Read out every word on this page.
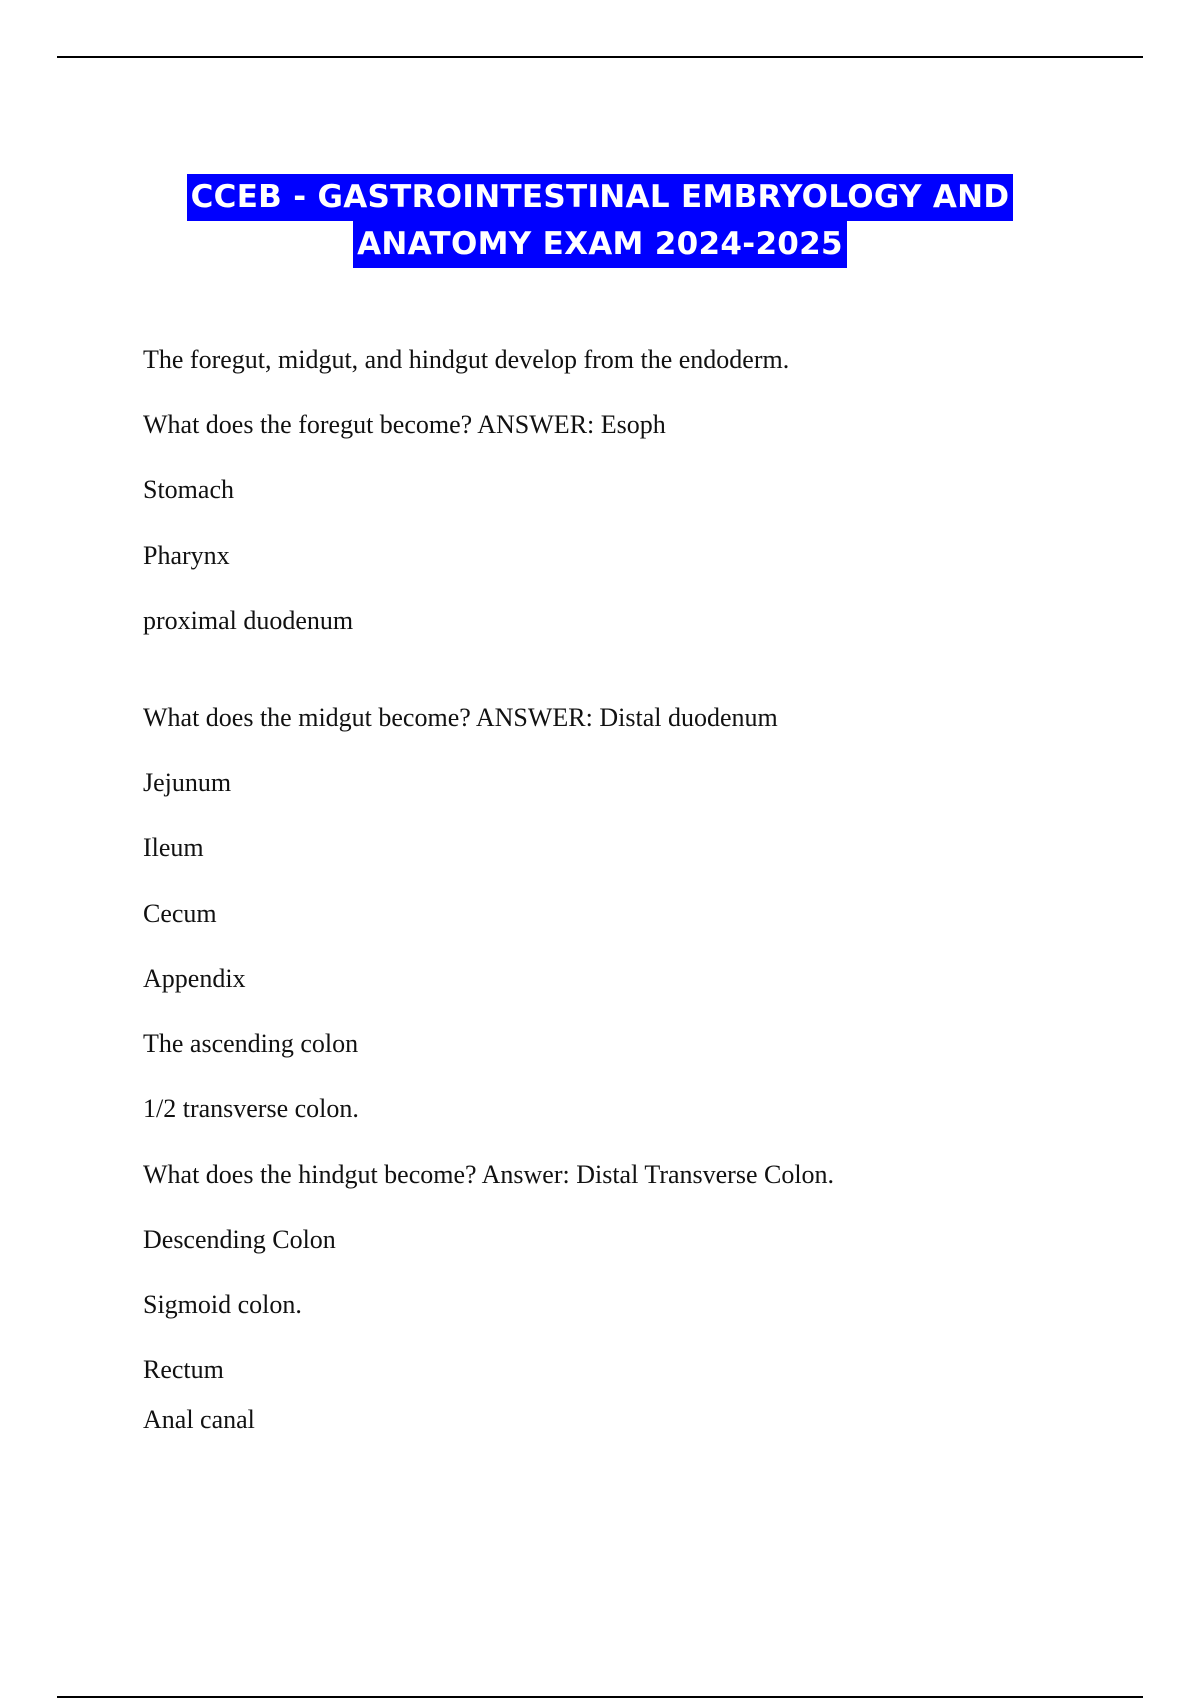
CCEB - GASTROINTESTINAL EMBRYOLOGY AND
ANATOMY EXAM 2024-2025
The foregut, midgut, and hindgut develop from the endoderm.
What does the foregut become? ANSWER: Esoph
Stomach
Pharynx
proximal duodenum
What does the midgut become? ANSWER: Distal duodenum
Jejunum
Ileum
Cecum
Appendix
The ascending colon
1/2 transverse colon.
What does the hindgut become? Answer: Distal Transverse Colon.
Descending Colon
Sigmoid colon.
Rectum
Anal canal
